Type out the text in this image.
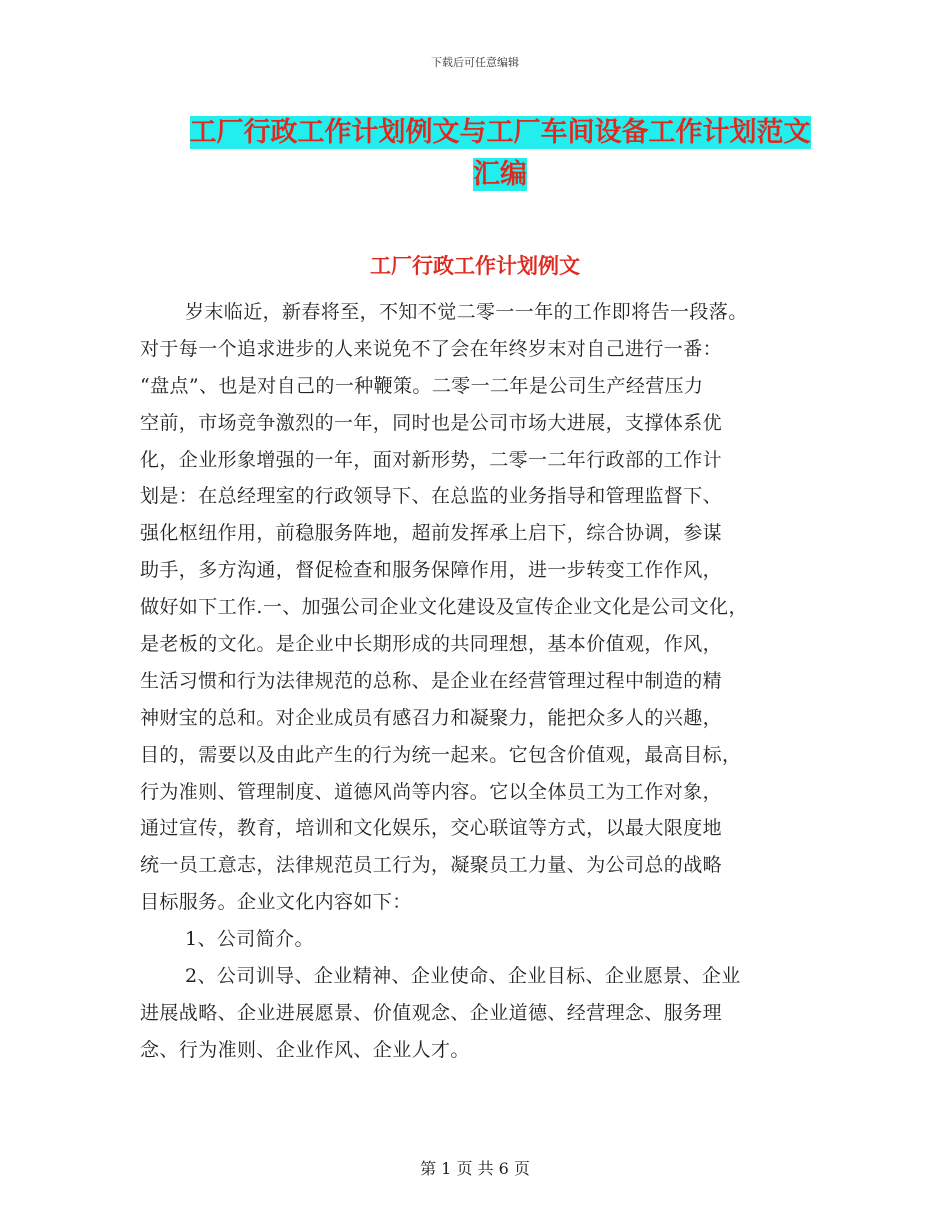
下载后可任意编辑
工厂行政工作计划例文与工厂车间设备工作计划范文
汇编
工厂行政工作计划例文
岁末临近，新春将至，不知不觉二零一一年的工作即将告一段落。
对于每一个追求进步的人来说免不了会在年终岁末对自己进行一番：
“盘点”、也是对自己的一种鞭策。二零一二年是公司生产经营压力
空前，市场竞争激烈的一年，同时也是公司市场大进展，支撑体系优
化，企业形象增强的一年，面对新形势，二零一二年行政部的工作计
划是：在总经理室的行政领导下、在总监的业务指导和管理监督下、
强化枢纽作用，前稳服务阵地，超前发挥承上启下，综合协调，参谋
助手，多方沟通，督促检查和服务保障作用，进一步转变工作作风，
做好如下工作.一、加强公司企业文化建设及宣传企业文化是公司文化，
是老板的文化。是企业中长期形成的共同理想，基本价值观，作风，
生活习惯和行为法律规范的总称、是企业在经营管理过程中制造的精
神财宝的总和。对企业成员有感召力和凝聚力，能把众多人的兴趣，
目的，需要以及由此产生的行为统一起来。它包含价值观，最高目标，
行为准则、管理制度、道德风尚等内容。它以全体员工为工作对象，
通过宣传，教育，培训和文化娱乐，交心联谊等方式，以最大限度地
统一员工意志，法律规范员工行为，凝聚员工力量、为公司总的战略
目标服务。企业文化内容如下：
1、公司简介。
2、公司训导、企业精神、企业使命、企业目标、企业愿景、企业
进展战略、企业进展愿景、价值观念、企业道德、经营理念、服务理
念、行为准则、企业作风、企业人才。
第 1 页 共 6 页
